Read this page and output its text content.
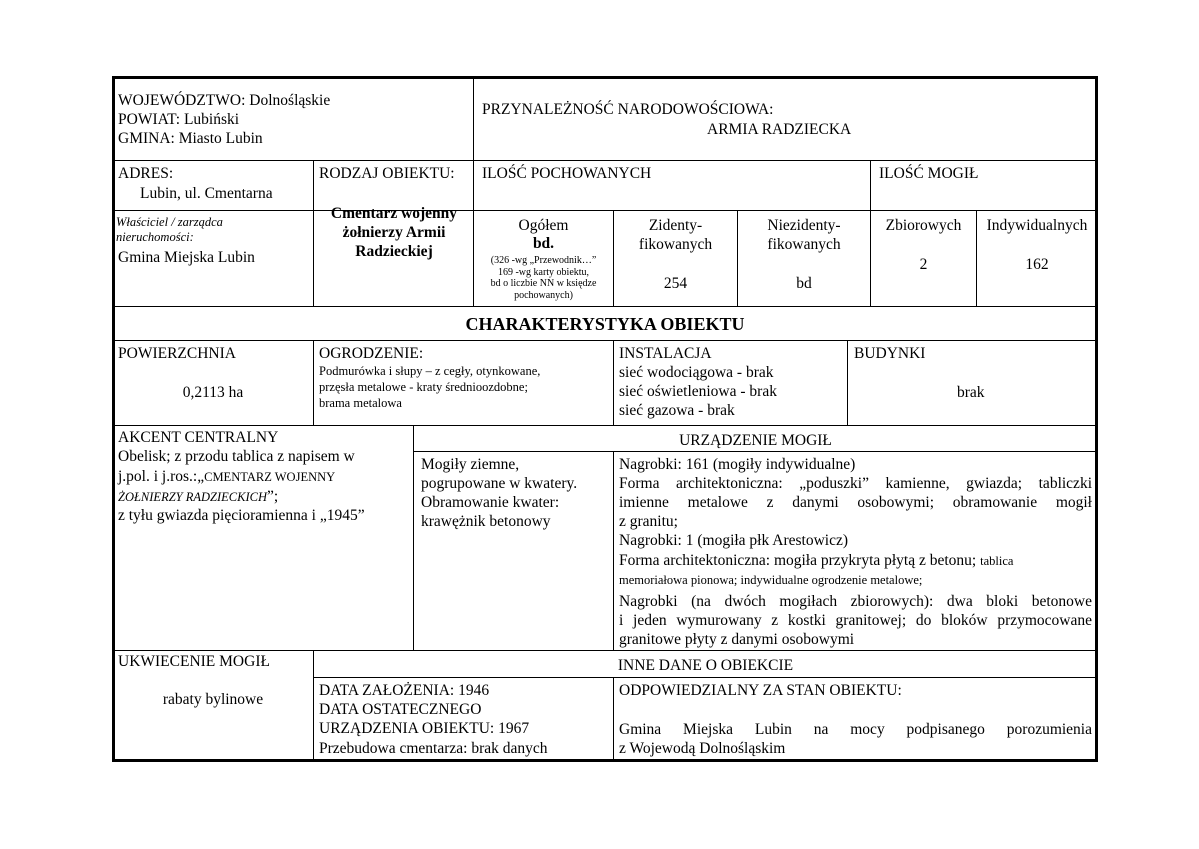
WOJEWÓDZTWO: Dolnośląskie
POWIAT: Lubiński
GMINA: Miasto Lubin
PRZYNALEŻNOŚĆ NARODOWOŚCIOWA:
ARMIA RADZIECKA
ADRES:
Lubin, ul. Cmentarna
Właściciel / zarządca
nieruchomości:
Gmina Miejska Lubin
RODZAJ OBIEKTU:
Cmentarz wojenny
żołnierzy Armii
Radzieckiej
ILOŚĆ POCHOWANYCH
Ogółem
bd.
(326 -wg „Przewodnik…”
169 -wg karty obiektu,
bd o liczbie NN w księdze
pochowanych)
Zidenty-
fikowanych
254
Niezidenty-
fikowanych
bd
ILOŚĆ MOGIŁ
Zbiorowych
2
Indywidualnych
162
CHARAKTERYSTYKA OBIEKTU
POWIERZCHNIA
0,2113 ha
OGRODZENIE:
Podmurówka i słupy – z cegły, otynkowane,
przęsła metalowe - kraty średnioozdobne;
brama metalowa
INSTALACJA
sieć wodociągowa - brak
sieć oświetleniowa - brak
sieć gazowa - brak
BUDYNKI
brak
AKCENT CENTRALNY
Obelisk; z przodu tablica z napisem w
j.pol. i j.ros.:„CMENTARZ WOJENNY
ŻOŁNIERZY RADZIECKICH”;
z tyłu gwiazda pięcioramienna i „1945”
URZĄDZENIE MOGIŁ
Mogiły ziemne,
pogrupowane w kwatery.
Obramowanie kwater:
krawężnik betonowy
Nagrobki: 161 (mogiły indywidualne)
Forma architektoniczna: „poduszki” kamienne, gwiazda; tabliczki
imienne metalowe z danymi osobowymi; obramowanie mogił
z granitu;
Nagrobki: 1 (mogiła płk Arestowicz)
Forma architektoniczna: mogiła przykryta płytą z betonu; tablica
memoriałowa pionowa; indywidualne ogrodzenie metalowe;
Nagrobki (na dwóch mogiłach zbiorowych): dwa bloki betonowe
i jeden wymurowany z kostki granitowej; do bloków przymocowane
granitowe płyty z danymi osobowymi
UKWIECENIE MOGIŁ
rabaty bylinowe
INNE DANE O OBIEKCIE
DATA ZAŁOŻENIA: 1946
DATA OSTATECZNEGO
URZĄDZENIA OBIEKTU: 1967
Przebudowa cmentarza: brak danych
ODPOWIEDZIALNY ZA STAN OBIEKTU:
Gmina Miejska Lubin na mocy podpisanego porozumienia
z Wojewodą Dolnośląskim
